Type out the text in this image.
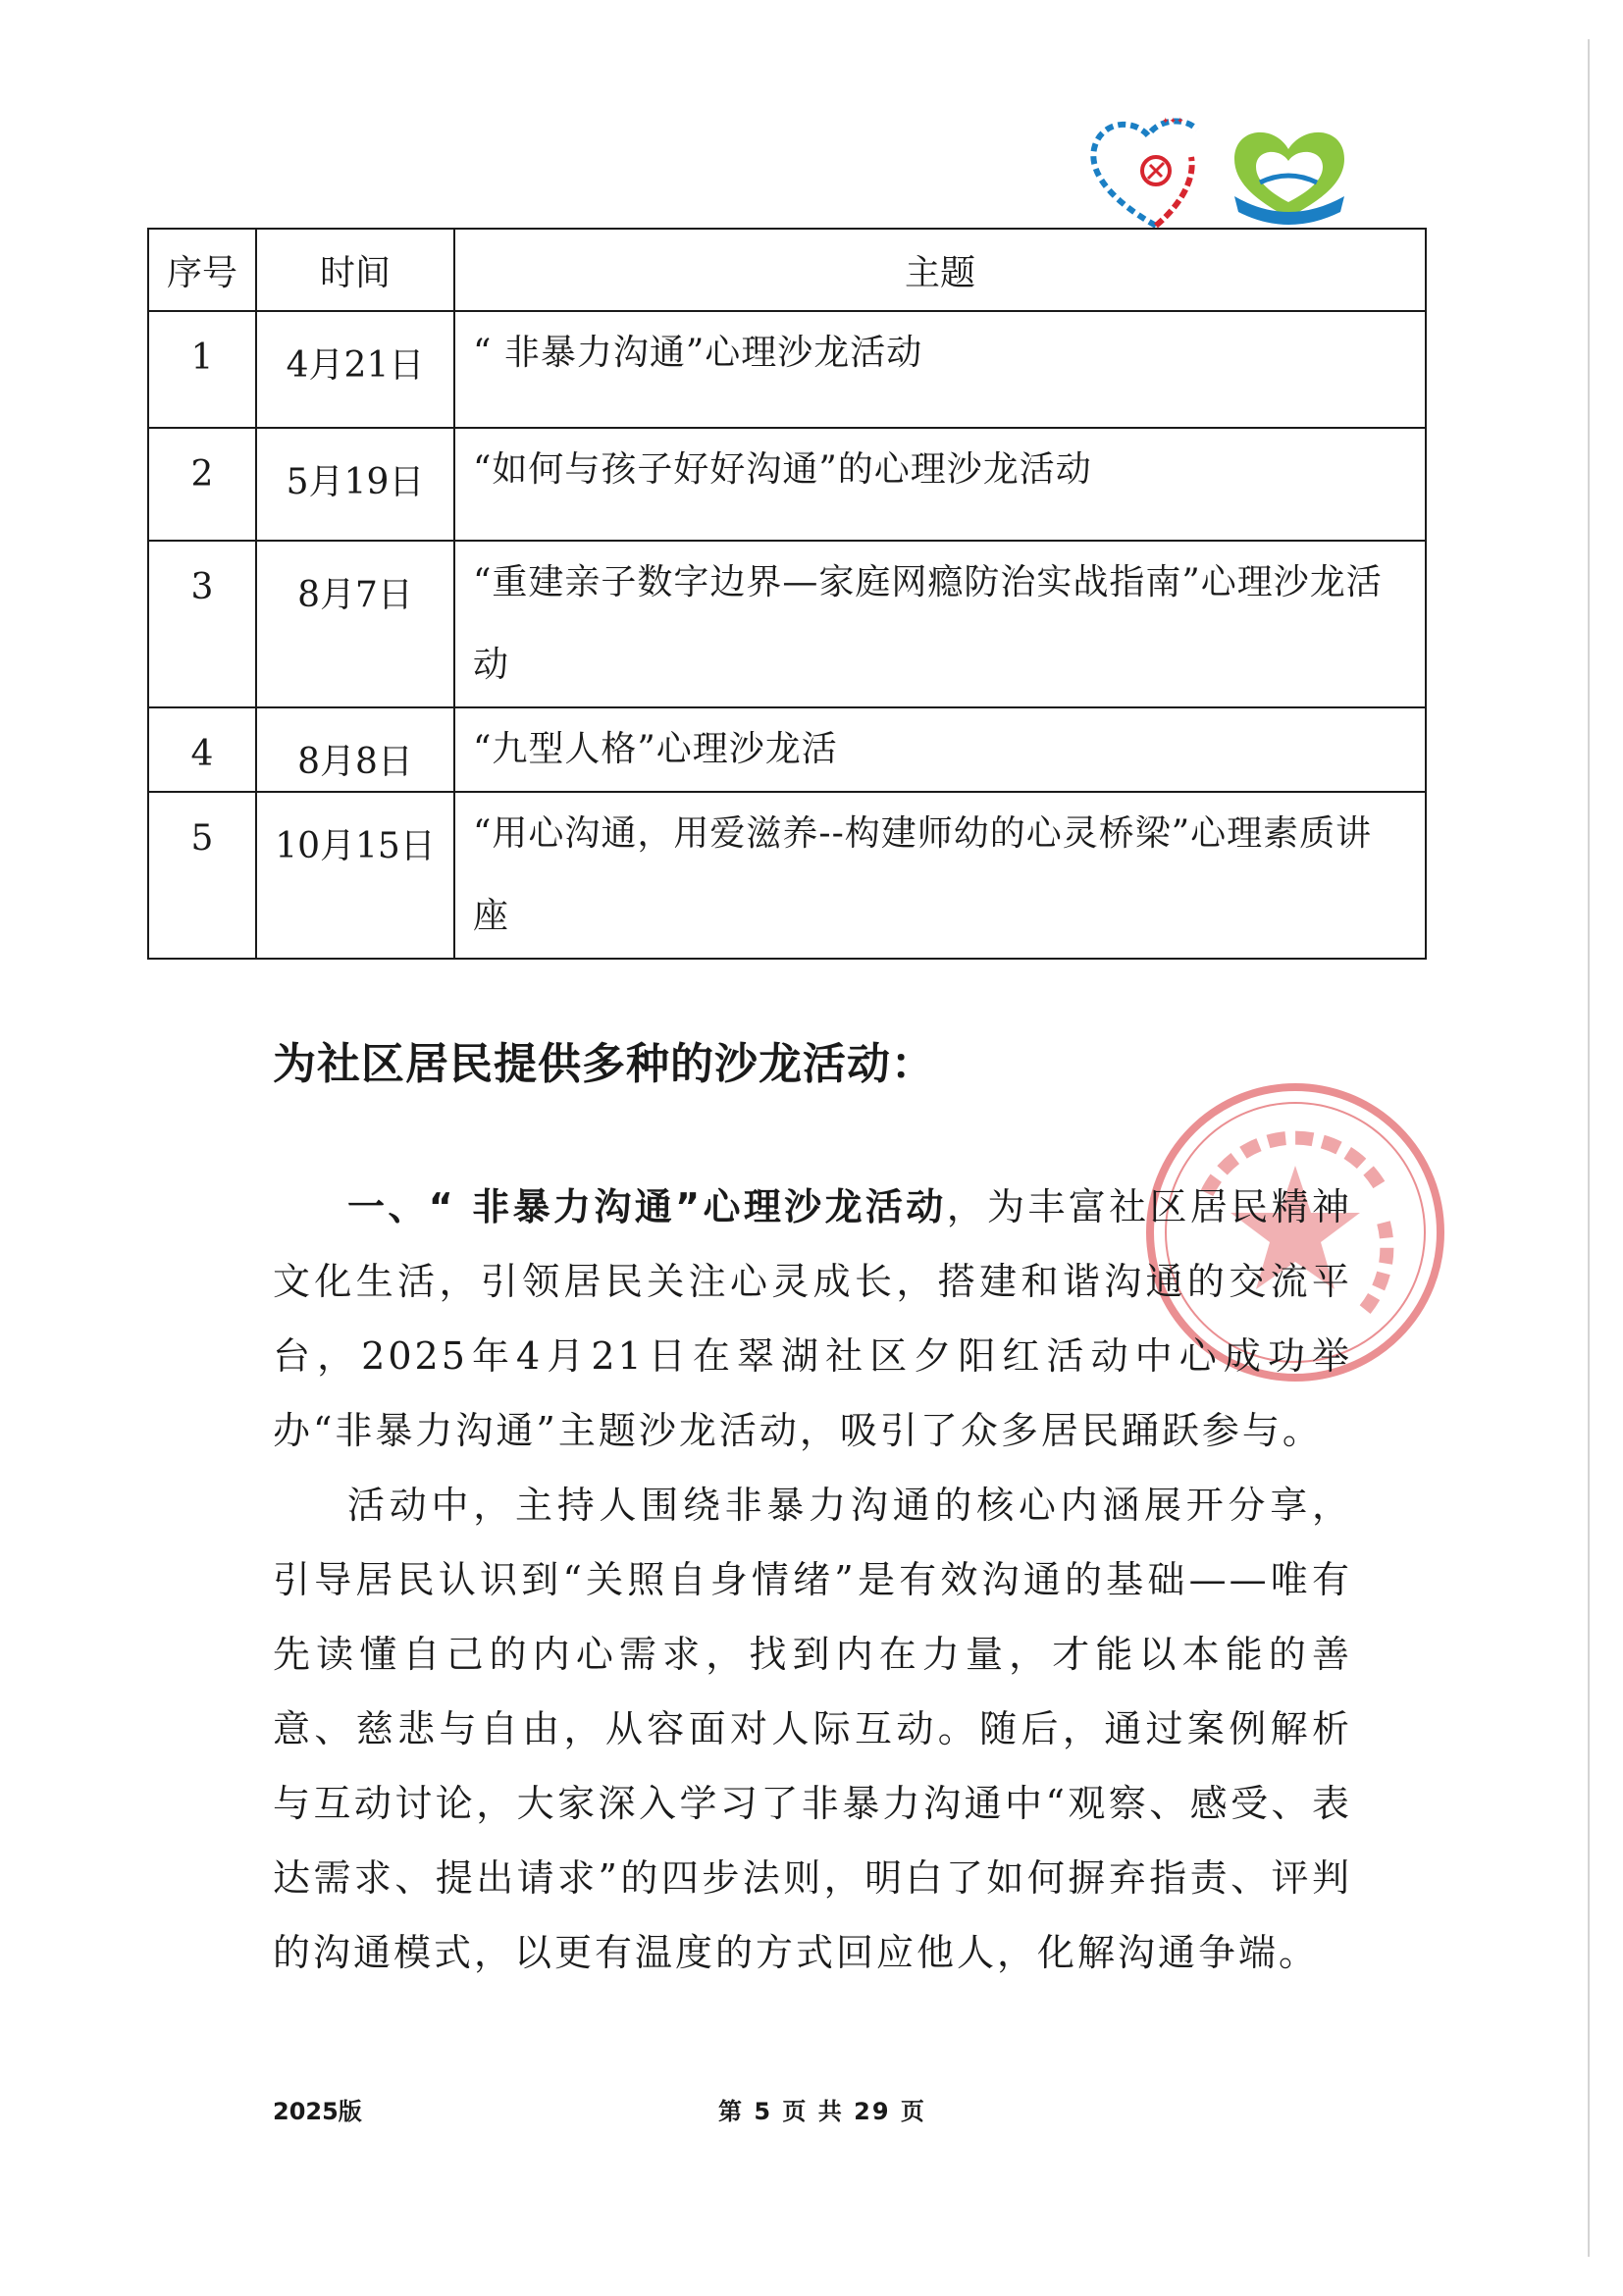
✦✦✦
序号	时间	主题
1	4月21日	“ 非暴力沟通”心理沙龙活动

2	5月19日	“如何与孩子好好沟通”的心理沙龙活动

3	8月7日	“重建亲子数字边界—家庭网瘾防治实战指南”心理沙龙活动

4	8月8日	“九型人格”心理沙龙活

5	10月15日	“用心沟通，用爱滋养--构建师幼的心灵桥梁”心理素质讲座
为社区居民提供多种的沙龙活动：

一、“ 非暴力沟通”心理沙龙活动，为丰富社区居民精神文化生活，引领居民关注心灵成长，搭建和谐沟通的交流平台，2025年4月21日在翠湖社区夕阳红活动中心成功举办“非暴力沟通”主题沙龙活动，吸引了众多居民踊跃参与。

活动中，主持人围绕非暴力沟通的核心内涵展开分享，引导居民认识到“关照自身情绪”是有效沟通的基础——唯有先读懂自己的内心需求，找到内在力量，才能以本能的善意、慈悲与自由，从容面对人际互动。随后，通过案例解析与互动讨论，大家深入学习了非暴力沟通中“观察、感受、表达需求、提出请求”的四步法则，明白了如何摒弃指责、评判的沟通模式，以更有温度的方式回应他人，化解沟通争端。

2025版	第 5 页 共 29 页
